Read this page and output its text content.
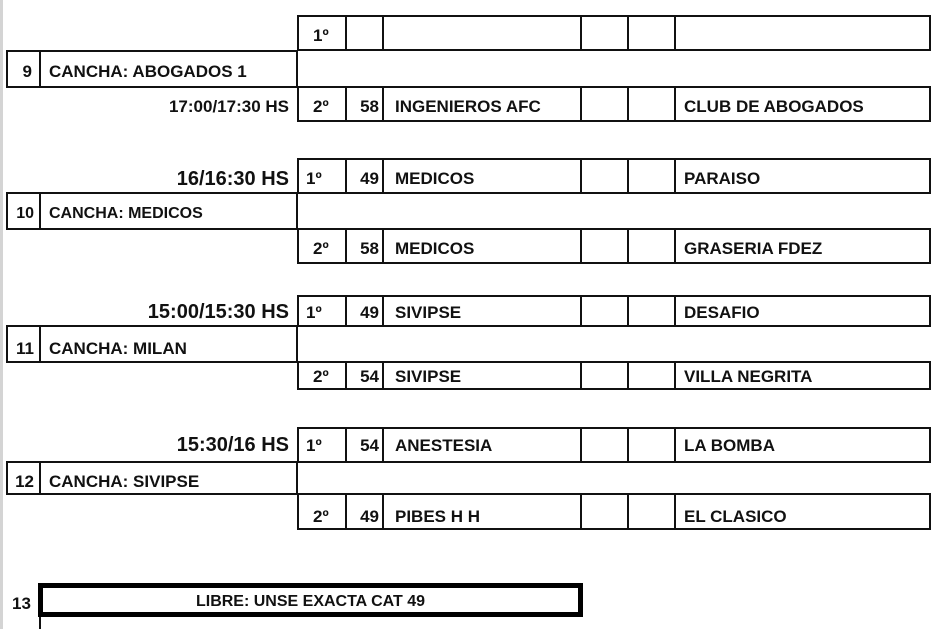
1º
9 CANCHA: ABOGADOS 1
17:00/17:30 HS 2º	58 INGENIEROS AFC	CLUB DE ABOGADOS
16/16:30 HS 1º	49 MEDICOS	PARAISO
10 CANCHA: MEDICOS
2º	58 MEDICOS	GRASERIA FDEZ
15:00/15:30 HS 1º	49 SIVIPSE	DESAFIO
11 CANCHA: MILAN
2º	54 SIVIPSE	VILLA NEGRITA
15:30/16 HS 1º	54 ANESTESIA	LA BOMBA
12 CANCHA: SIVIPSE
2º	49 PIBES H H	EL CLASICO
13	LIBRE: UNSE EXACTA CAT 49
